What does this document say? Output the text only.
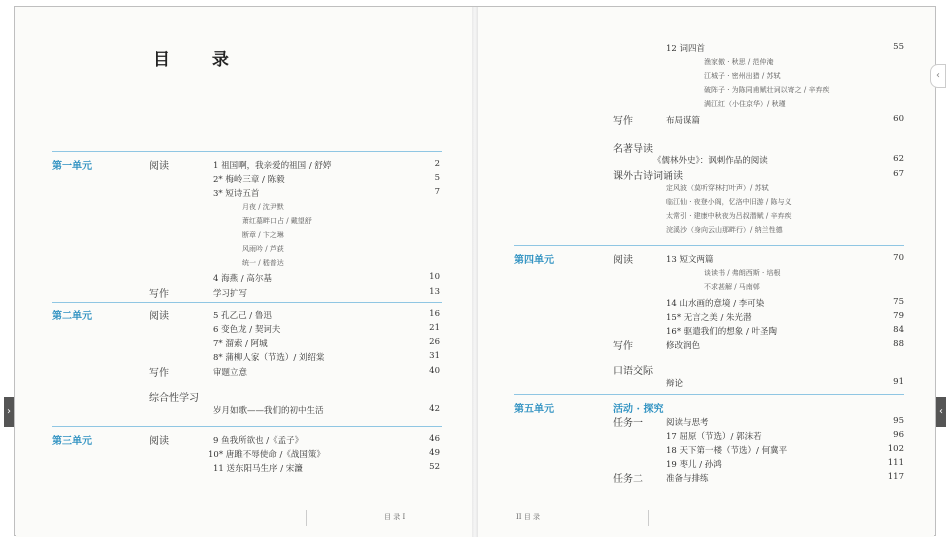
目 录
第一单元	阅读	1 祖国啊，我亲爱的祖国 / 舒婷	2
2* 梅岭三章 / 陈毅	5
3* 短诗五首	7
月夜 / 沈尹默
萧红墓畔口占 / 戴望舒
断章 / 卞之琳
风雨吟 / 芦荻
统一 / 嵇普达
4 海燕 / 高尔基	10
写作	学习扩写	13
第二单元	阅读	5 孔乙己 / 鲁迅	16
6 变色龙 / 契诃夫	21
7* 溜索 / 阿城	26
8* 蒲柳人家（节选）/ 刘绍棠	31
写作	审题立意	40
综合性学习
岁月如歌——我们的初中生活	42
第三单元	阅读	9 鱼我所欲也 /《孟子》	46
10* 唐雎不辱使命 /《战国策》	49
11 送东阳马生序 / 宋濂	52
目 录 I
12 词四首	55
渔家傲 · 秋思 / 范仲淹
江城子 · 密州出猎 / 苏轼
破阵子 · 为陈同甫赋壮词以寄之 / 辛弃疾
满江红（小住京华）/ 秋瑾
写作	布局谋篇	60
名著导读
《儒林外史》：讽刺作品的阅读	62
课外古诗词诵读	67
定风波（莫听穿林打叶声）/ 苏轼
临江仙 · 夜登小阁，忆洛中旧游 / 陈与义
太常引 · 建康中秋夜为吕叔潜赋 / 辛弃疾
浣溪沙（身向云山那畔行）/ 纳兰性德
第四单元	阅读	13 短文两篇	70
谈读书 / 弗朗西斯 · 培根
不求甚解 / 马南邨
14 山水画的意境 / 李可染	75
15* 无言之美 / 朱光潜	79
16* 驱遣我们的想象 / 叶圣陶	84
写作	修改润色	88
口语交际
辩论	91
第五单元	活动 · 探究
任务一	阅读与思考	95
17 屈原（节选）/ 郭沫若	96
18 天下第一楼（节选）/ 何冀平	102
19 枣儿 / 孙鸿	111
任务二	准备与排练	117
II 目 录
›	‹
‹
